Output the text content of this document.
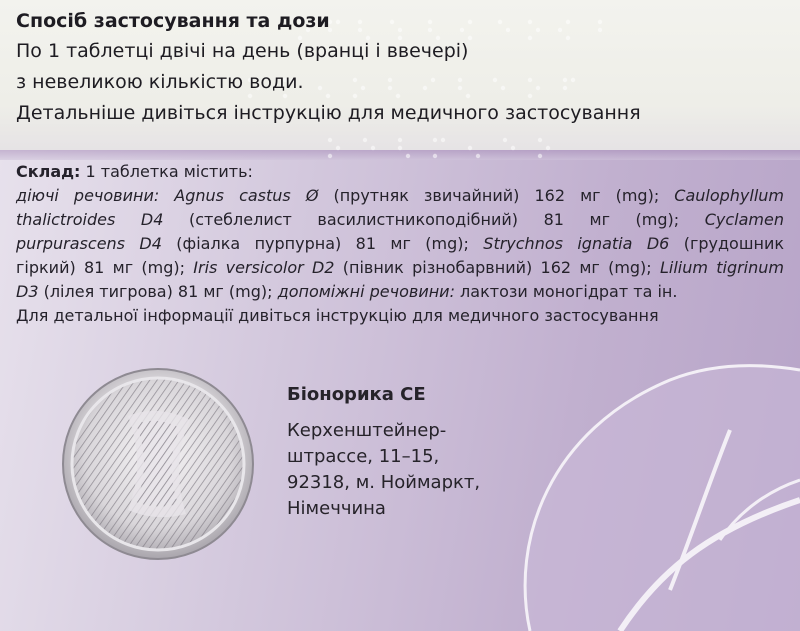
Спосіб застосування та дози
По 1 таблетці двічі на день (вранці і ввечері)
з невеликою кількістю води.
Детальніше дивіться інструкцію для медичного застосування
Склад: 1 таблетка містить:
діючі речовини: Agnus castus Ø (прутняк звичайний) 162 мг (mg); Caulophyllum
thalictroides D4 (стеблелист василистникоподібний) 81 мг (mg); Cyclamen
purpurascens D4 (фіалка пурпурна) 81 мг (mg); Strychnos ignatia D6 (грудошник
гіркий) 81 мг (mg); Iris versicolor D2 (півник різнобарвний) 162 мг (mg); Lilium tigrinum
D3 (лілея тигрова) 81 мг (mg); допоміжні речовини: лактози моногідрат та ін.
Для детальної інформації дивіться інструкцію для медичного застосування
Біонорика СЕ
Керхенштейнер-
штрассе, 11–15,
92318, м. Ноймаркт,
Німеччина
